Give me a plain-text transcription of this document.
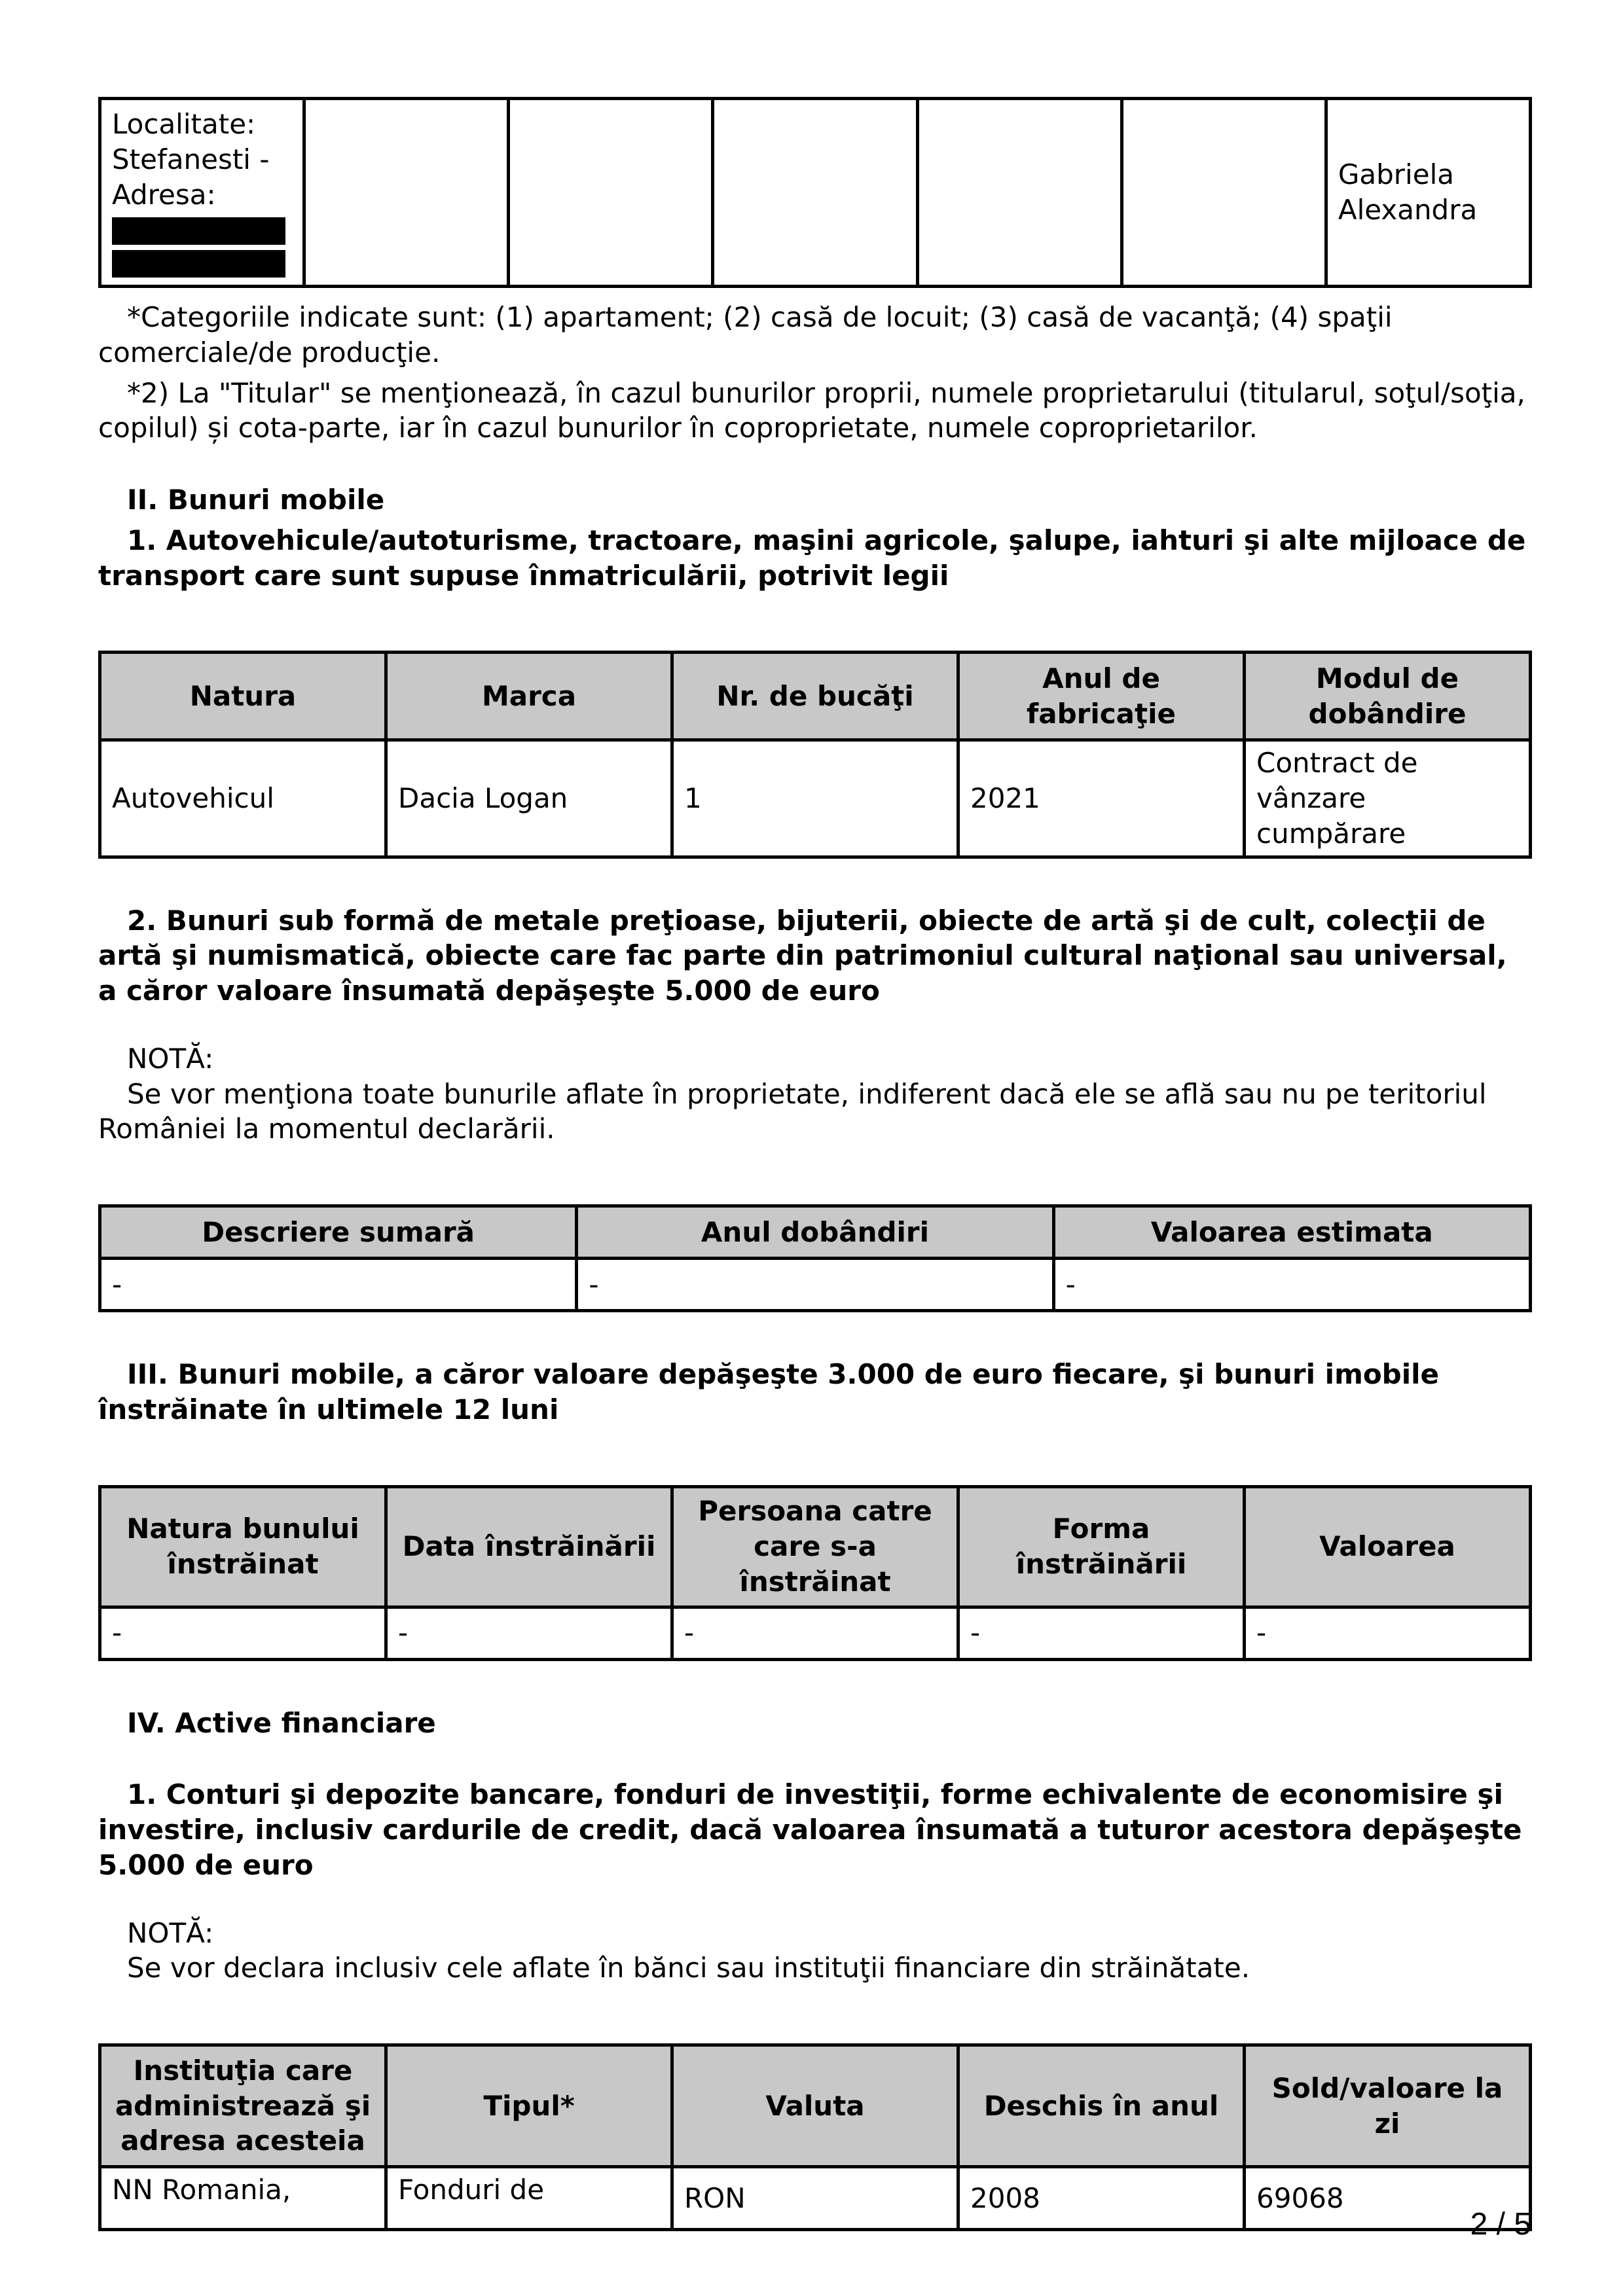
Localitate:
Stefanesti -
Adresa:
						Gabriela Alexandra

*Categoriile indicate sunt: (1) apartament; (2) casă de locuit; (3) casă de vacanţă; (4) spaţii comerciale/de producţie.

*2) La "Titular" se menţionează, în cazul bunurilor proprii, numele proprietarului (titularul, soţul/soţia, copilul) și cota-parte, iar în cazul bunurilor în coproprietate, numele coproprietarilor.

II. Bunuri mobile

1. Autovehicule/autoturisme, tractoare, maşini agricole, şalupe, iahturi şi alte mijloace de transport care sunt supuse înmatriculării, potrivit legii

Natura	Marca	Nr. de bucăţi	Anul de fabricaţie	Modul de dobândire
Autovehicul	Dacia Logan	1	2021	Contract de vânzare cumpărare

2. Bunuri sub formă de metale preţioase, bijuterii, obiecte de artă şi de cult, colecţii de artă şi numismatică, obiecte care fac parte din patrimoniul cultural naţional sau universal, a căror valoare însumată depăşeşte 5.000 de euro

NOTĂ:

Se vor menţiona toate bunurile aflate în proprietate, indiferent dacă ele se află sau nu pe teritoriul României la momentul declarării.

Descriere sumară	Anul dobândiri	Valoarea estimata
-	-	-

III. Bunuri mobile, a căror valoare depăşeşte 3.000 de euro fiecare, şi bunuri imobile înstrăinate în ultimele 12 luni

Natura bunului înstrăinat	Data înstrăinării	Persoana catre care s-a înstrăinat	Forma înstrăinării	Valoarea
-	-	-	-	-

IV. Active financiare

1. Conturi şi depozite bancare, fonduri de investiţii, forme echivalente de economisire şi investire, inclusiv cardurile de credit, dacă valoarea însumată a tuturor acestora depăşeşte 5.000 de euro

NOTĂ:

Se vor declara inclusiv cele aflate în bănci sau instituţii financiare din străinătate.

Instituţia care administrează şi adresa acesteia	Tipul*	Valuta	Deschis în anul	Sold/valoare la zi
NN Romania,	Fonduri de	RON	2008	69068
2 / 5
